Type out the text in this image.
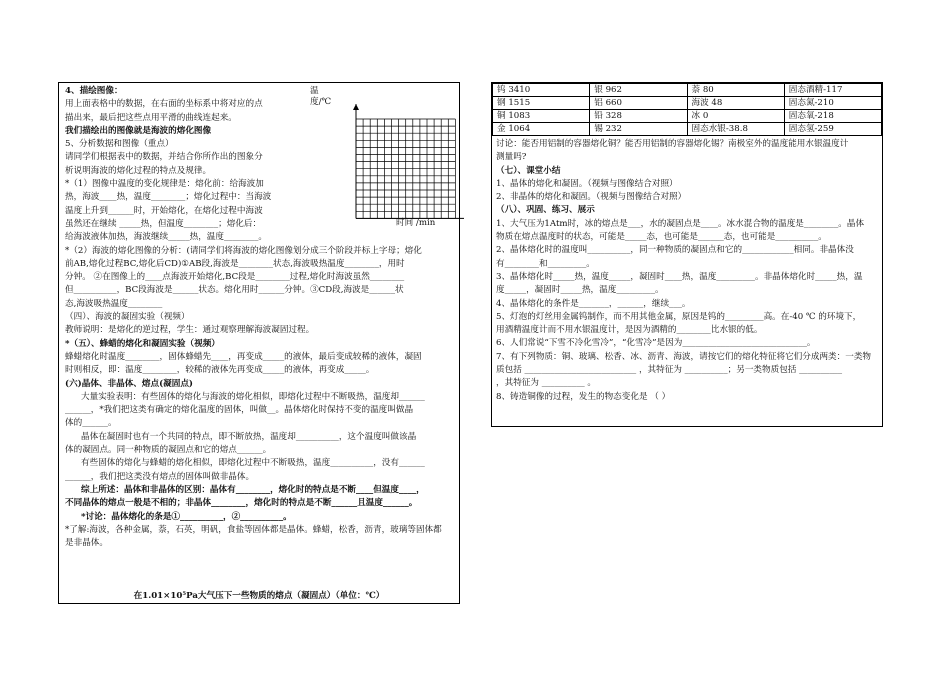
4、描绘图像：

用上面表格中的数据，在右面的坐标系中将对应的点

描出来，最后把这些点用平滑的曲线连起来。

我们描绘出的图像就是海波的熔化图像

5、分析数据和图像（重点）

请同学们根据表中的数据，并结合你所作出的图象分

析说明海波的熔化过程的特点及规律。

*（1）图像中温度的变化规律是：熔化前：给海波加

热，海波____热，温度________；熔化过程中：当海波

温度上升到______时，开始熔化，在熔化过程中海波

虽然还在继续 _____热，但温度________；熔化后：

给海波液体加热，海波继续_____热，温度________。

*（2）海波的熔化图像的分析：(请同学们将海波的熔化图像划分成三个阶段并标上字母；熔化

前AB,熔化过程BC,熔化后CD)①AB段,海波是________状态,海波吸热温度________，用时

分钟。 ②在图像上的____点海波开始熔化,BC段是________过程,熔化时海波虽然________

但__________，BC段海波是______状态。熔化用时______分钟。③CD段,海波是______状

态,海波吸热温度________

（四）、海波的凝固实验（视频）

教师说明：是熔化的逆过程，学生：通过观察理解海波凝固过程。

*（五）、蜂蜡的熔化和凝固实验（视频）

蜂蜡熔化时温度________，固体蜂蜡先____，再变成_____的液体，最后变成较稀的液体，凝固

时则相反，即：温度________，较稀的液体先再变成_____的液体，再变成_____。

(六)晶体、非晶体、熔点(凝固点)

大量实验表明：有些固体的熔化与海波的熔化相似，即熔化过程中不断吸热，温度却______

______，*我们把这类有确定的熔化温度的固体，叫做__。晶体熔化时保持不变的温度叫做晶

体的______。

晶体在凝固时也有一个共同的特点，即不断放热，温度却__________，这个温度叫做该晶

体的凝固点。同一种物质的凝固点和它的熔点______。

有些固体的熔化与蜂蜡的熔化相似，即熔化过程中不断吸热，温度__________，没有______

______，我们把这类没有熔点的固体叫做非晶体。

综上所述：晶体和非晶体的区别：晶体有________，熔化时的特点是不断____但温度____，

不同晶体的熔点一般是不相的；非晶体________，熔化时的特点是不断______且温度______。

*讨论：晶体熔化的条是①__________，②__________。

*了解:海波，各种金属，萘，石英，明矾，食盐等固体都是晶体。蜂蜡，松香，沥青，玻璃等固体都

是非晶体。

温
度/℃
时间 /min

在1.01×10⁵Pa大气压下一些物质的熔点（凝固点）（单位：℃）

钨 3410	银 962	萘 80	固态酒精-117
钢 1515	铝 660	海波 48	固态氮-210
铜 1083	铅 328	冰 0	固态氧-218
金 1064	锡 232	固态水银-38.8	固态氢-259

讨论：能否用铝制的容器熔化铜？能否用铝制的容器熔化锡？南极室外的温度能用水银温度计

测量吗?

（七）、课堂小结

1、晶体的熔化和凝固。（视频与图像结合对照）

2、非晶体的熔化和凝固。（视频与图像结合对照）

（八）、巩固、练习、展示

1、大气压为1Atm时，冰的熔点是___，水的凝固点是____。冰水混合物的温度是________。晶体

物质在熔点温度时的状态，可能是_____态，也可能是______态，也可能是__________。

2、晶体熔化时的温度叫__________，同一种物质的凝固点和它的____________相同。非晶体没

有________和_________。

3、晶体熔化时_____热，温度_____，凝固时____热，温度_________。非晶体熔化时_____热，温

度_____，凝固时_____热，温度_________。

4、晶体熔化的条件是_______，______，继续___。

5、灯泡的灯丝用金属钨制作，而不用其他金属，原因是钨的_________高。在-40 ℃ 的环境下，

用酒精温度计而不用水银温度计，是因为酒精的________比水银的低。

6、人们常说“下雪不冷化雪冷”，“化雪冷”是因为_____________________________。

7、有下列物质：铜、玻璃、松香、冰、沥青、海波，请按它们的熔化特征将它们分成两类：一类物

质包括 __________________________ ，其特征为 __________；另一类物质包括 __________

，其特征为 __________ 。

8、铸造铜像的过程，发生的物态变化是 （ ）
